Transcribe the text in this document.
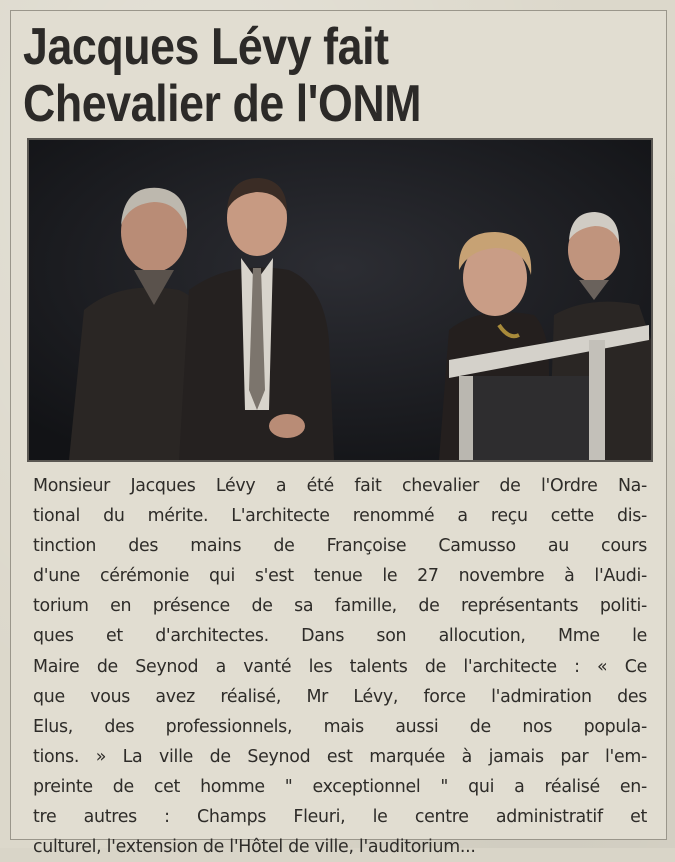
Jacques Lévy fait
Chevalier de l'ONM

Monsieur Jacques Lévy a été fait chevalier de l'Ordre Na-
tional du mérite. L'architecte renommé a reçu cette dis-
tinction des mains de Françoise Camusso au cours
d'une cérémonie qui s'est tenue le 27 novembre à l'Audi-
torium en présence de sa famille, de représentants politi-
ques et d'architectes. Dans son allocution, Mme le
Maire de Seynod a vanté les talents de l'architecte : « Ce
que vous avez réalisé, Mr Lévy, force l'admiration des
Elus, des professionnels, mais aussi de nos popula-
tions. » La ville de Seynod est marquée à jamais par l'em-
preinte de cet homme " exceptionnel " qui a réalisé en-
tre autres : Champs Fleuri, le centre administratif et
culturel, l'extension de l'Hôtel de ville, l'auditorium...
